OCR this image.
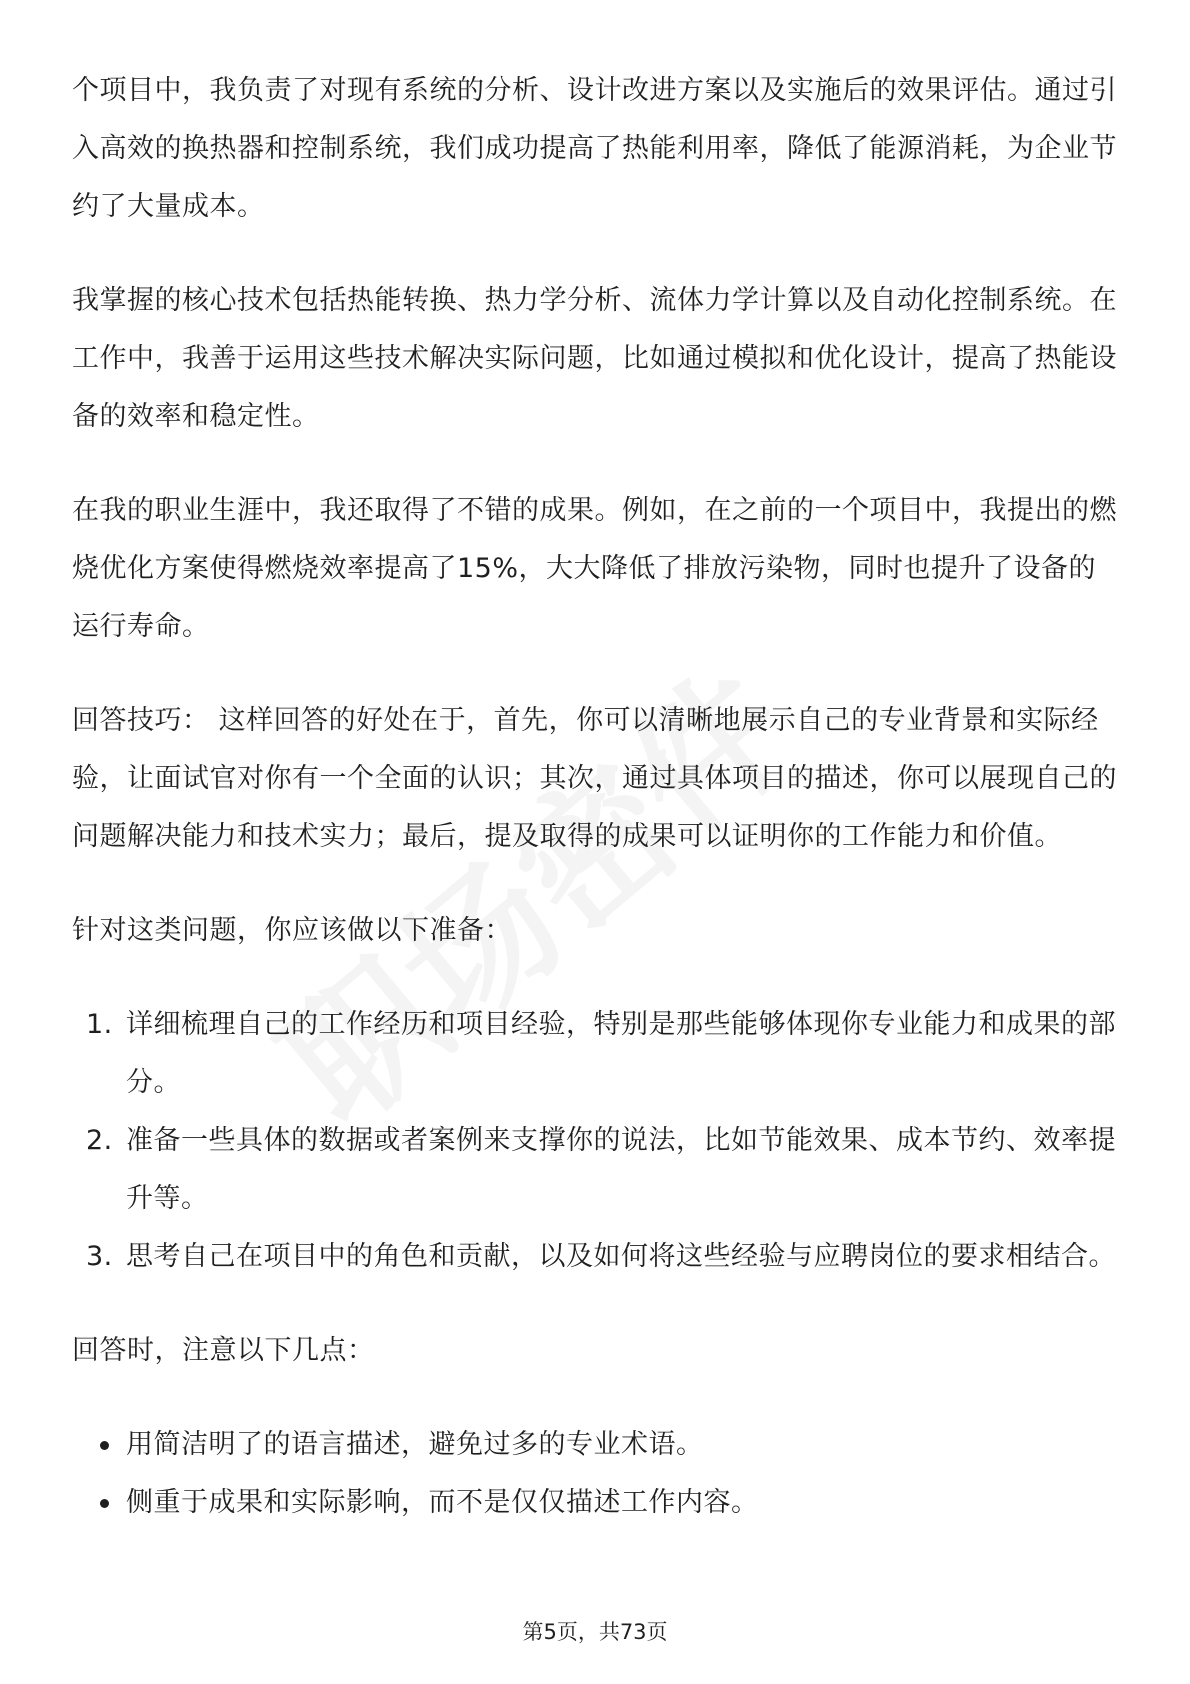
个项目中，我负责了对现有系统的分析、设计改进方案以及实施后的效果评估。通过引入高效的换热器和控制系统，我们成功提高了热能利用率，降低了能源消耗，为企业节约了大量成本。

我掌握的核心技术包括热能转换、热力学分析、流体力学计算以及自动化控制系统。在工作中，我善于运用这些技术解决实际问题，比如通过模拟和优化设计，提高了热能设备的效率和稳定性。

在我的职业生涯中，我还取得了不错的成果。例如，在之前的一个项目中，我提出的燃烧优化方案使得燃烧效率提高了15%，大大降低了排放污染物，同时也提升了设备的运行寿命。

回答技巧： 这样回答的好处在于，首先，你可以清晰地展示自己的专业背景和实际经验，让面试官对你有一个全面的认识；其次，通过具体项目的描述，你可以展现自己的问题解决能力和技术实力；最后，提及取得的成果可以证明你的工作能力和价值。

针对这类问题，你应该做以下准备：

1. 详细梳理自己的工作经历和项目经验，特别是那些能够体现你专业能力和成果的部分。
2. 准备一些具体的数据或者案例来支撑你的说法，比如节能效果、成本节约、效率提升等。
3. 思考自己在项目中的角色和贡献，以及如何将这些经验与应聘岗位的要求相结合。

回答时，注意以下几点：

用简洁明了的语言描述，避免过多的专业术语。
侧重于成果和实际影响，而不是仅仅描述工作内容。
第5页，共73页
